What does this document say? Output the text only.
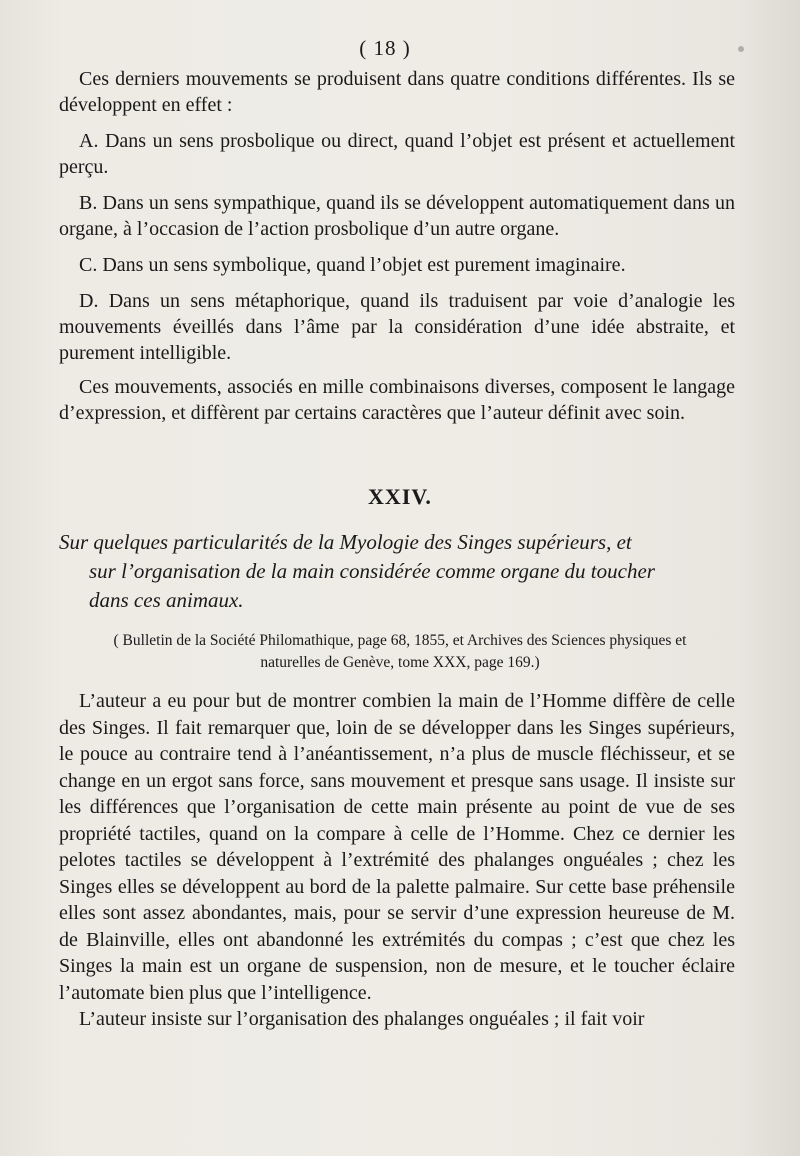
( 18 )

Ces derniers mouvements se produisent dans quatre conditions différentes. Ils se développent en effet :

A. Dans un sens prosbolique ou direct, quand l’objet est présent et actuellement perçu.

B. Dans un sens sympathique, quand ils se développent automatiquement dans un organe, à l’occasion de l’action prosbolique d’un autre organe.

C. Dans un sens symbolique, quand l’objet est purement imaginaire.

D. Dans un sens métaphorique, quand ils traduisent par voie d’analogie les mouvements éveillés dans l’âme par la considération d’une idée abstraite, et purement intelligible.

Ces mouvements, associés en mille combinaisons diverses, composent le langage d’expression, et diffèrent par certains caractères que l’auteur définit avec soin.

XXIV.
Sur quelques particularités de la Myologie des Singes supérieurs, et
sur l’organisation de la main considérée comme organe du toucher
dans ces animaux.
( Bulletin de la Société Philomathique, page 68, 1855, et Archives des Sciences physiques et
naturelles de Genève, tome XXX, page 169.)

L’auteur a eu pour but de montrer combien la main de l’Homme diffère de celle des Singes. Il fait remarquer que, loin de se développer dans les Singes supérieurs, le pouce au contraire tend à l’anéantissement, n’a plus de muscle fléchisseur, et se change en un ergot sans force, sans mouvement et presque sans usage. Il insiste sur les différences que l’organisation de cette main présente au point de vue de ses propriété tactiles, quand on la compare à celle de l’Homme. Chez ce dernier les pelotes tactiles se développent à l’extrémité des phalanges onguéales ; chez les Singes elles se développent au bord de la palette palmaire. Sur cette base préhensile elles sont assez abondantes, mais, pour se servir d’une expression heureuse de M. de Blainville, elles ont abandonné les extrémités du compas ; c’est que chez les Singes la main est un organe de suspension, non de mesure, et le toucher éclaire l’automate bien plus que l’intelligence.

L’auteur insiste sur l’organisation des phalanges onguéales ; il fait voir
